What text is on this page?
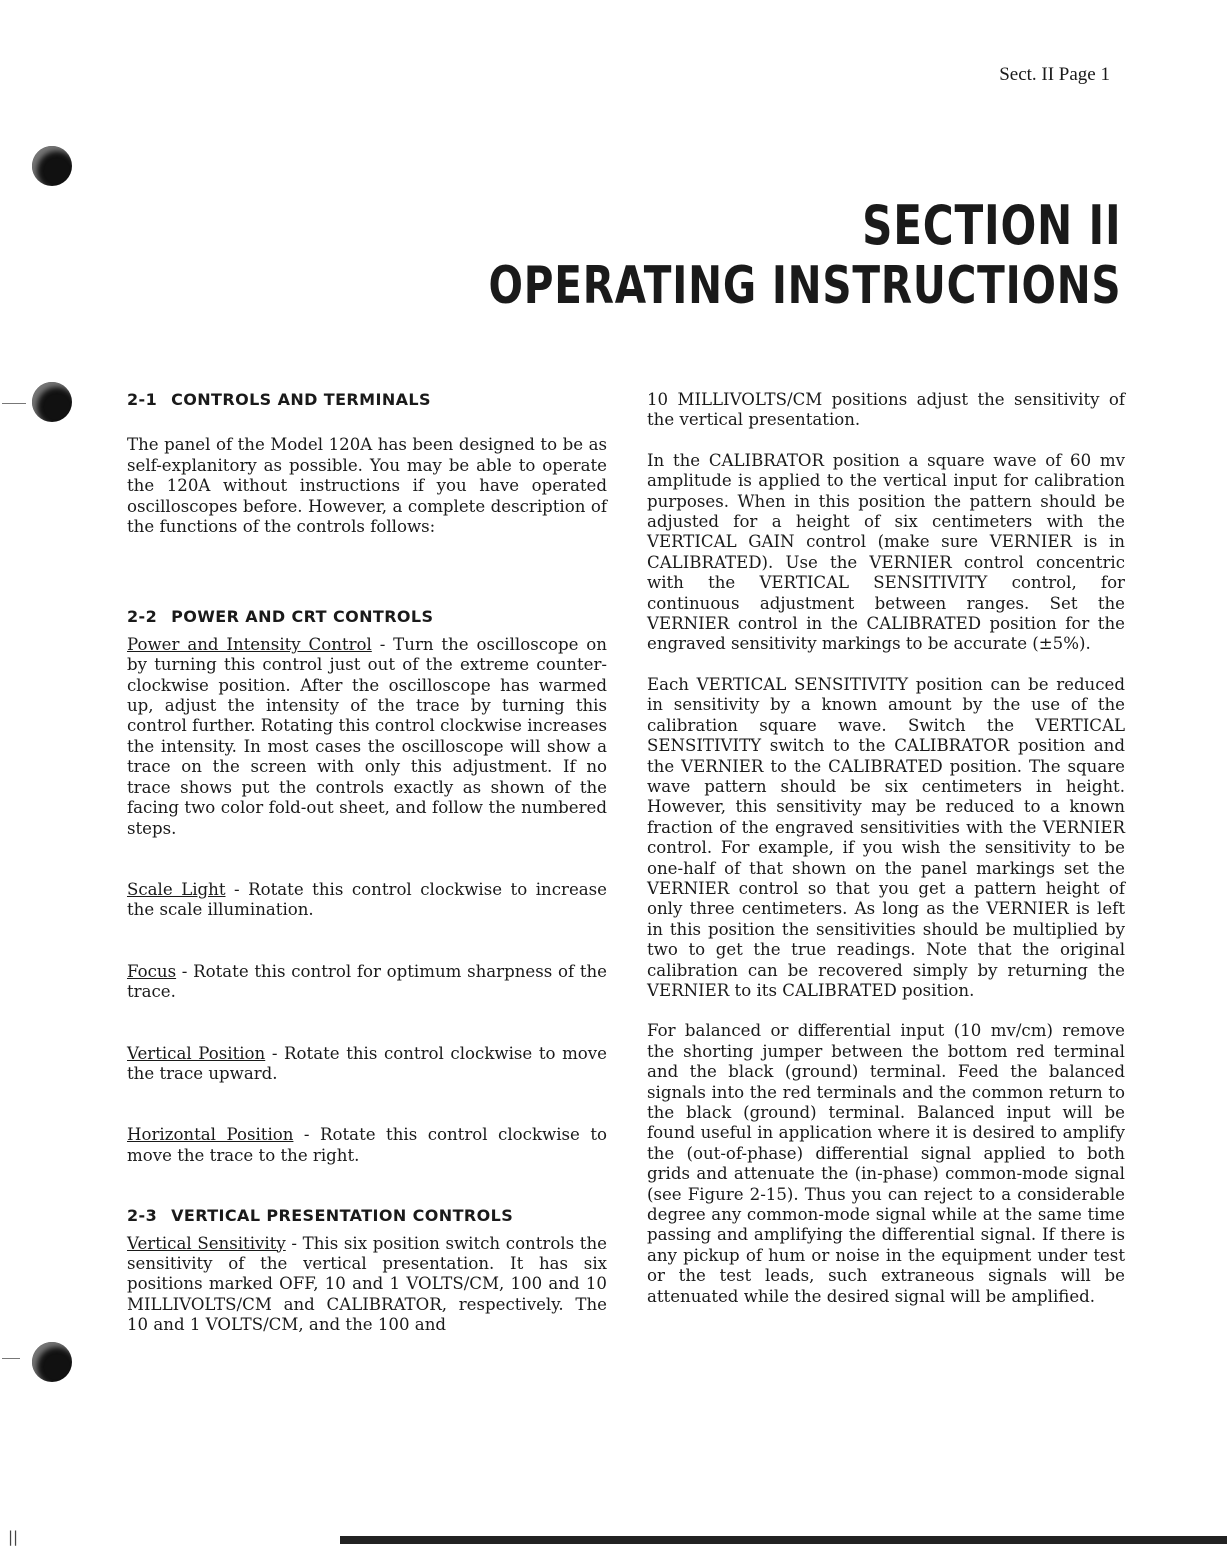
Sect. II Page 1
SECTION II
OPERATING INSTRUCTIONS
2-1 CONTROLS AND TERMINALS

The panel of the Model 120A has been designed to be as self-explanitory as possible. You may be able to operate the 120A without instructions if you have operated oscilloscopes before. However, a complete description of the functions of the controls follows:

2-2 POWER AND CRT CONTROLS

Power and Intensity Control - Turn the oscilloscope on by turning this control just out of the extreme counter-clockwise position. After the oscilloscope has warmed up, adjust the intensity of the trace by turning this control further. Rotating this control clockwise increases the intensity. In most cases the oscilloscope will show a trace on the screen with only this adjustment. If no trace shows put the controls exactly as shown of the facing two color fold-out sheet, and follow the numbered steps.

Scale Light - Rotate this control clockwise to increase the scale illumination.

Focus - Rotate this control for optimum sharpness of the trace.

Vertical Position - Rotate this control clockwise to move the trace upward.

Horizontal Position - Rotate this control clockwise to move the trace to the right.

2-3 VERTICAL PRESENTATION CONTROLS

Vertical Sensitivity - This six position switch controls the sensitivity of the vertical presentation. It has six positions marked OFF, 10 and 1 VOLTS/CM, 100 and 10 MILLIVOLTS/CM and CALIBRATOR, respectively. The 10 and 1 VOLTS/CM, and the 100 and

10 MILLIVOLTS/CM positions adjust the sensitivity of the vertical presentation.

In the CALIBRATOR position a square wave of 60 mv amplitude is applied to the vertical input for calibration purposes. When in this position the pattern should be adjusted for a height of six centimeters with the VERTICAL GAIN control (make sure VERNIER is in CALIBRATED). Use the VERNIER control concentric with the VERTICAL SENSITIVITY control, for continuous adjustment between ranges. Set the VERNIER control in the CALIBRATED position for the engraved sensitivity markings to be accurate (±5%).

Each VERTICAL SENSITIVITY position can be reduced in sensitivity by a known amount by the use of the calibration square wave. Switch the VERTICAL SENSITIVITY switch to the CALIBRATOR position and the VERNIER to the CALIBRATED position. The square wave pattern should be six centimeters in height. However, this sensitivity may be reduced to a known fraction of the engraved sensitivities with the VERNIER control. For example, if you wish the sensitivity to be one-half of that shown on the panel markings set the VERNIER control so that you get a pattern height of only three centimeters. As long as the VERNIER is left in this position the sensitivities should be multiplied by two to get the true readings. Note that the original calibration can be recovered simply by returning the VERNIER to its CALIBRATED position.

For balanced or differential input (10 mv/cm) remove the shorting jumper between the bottom red terminal and the black (ground) terminal. Feed the balanced signals into the red terminals and the common return to the black (ground) terminal. Balanced input will be found useful in application where it is desired to amplify the (out-of-phase) differential signal applied to both grids and attenuate the (in-phase) common-mode signal (see Figure 2-15). Thus you can reject to a considerable degree any common-mode signal while at the same time passing and amplifying the differential signal. If there is any pickup of hum or noise in the equipment under test or the test leads, such extraneous signals will be attenuated while the desired signal will be amplified.

||
